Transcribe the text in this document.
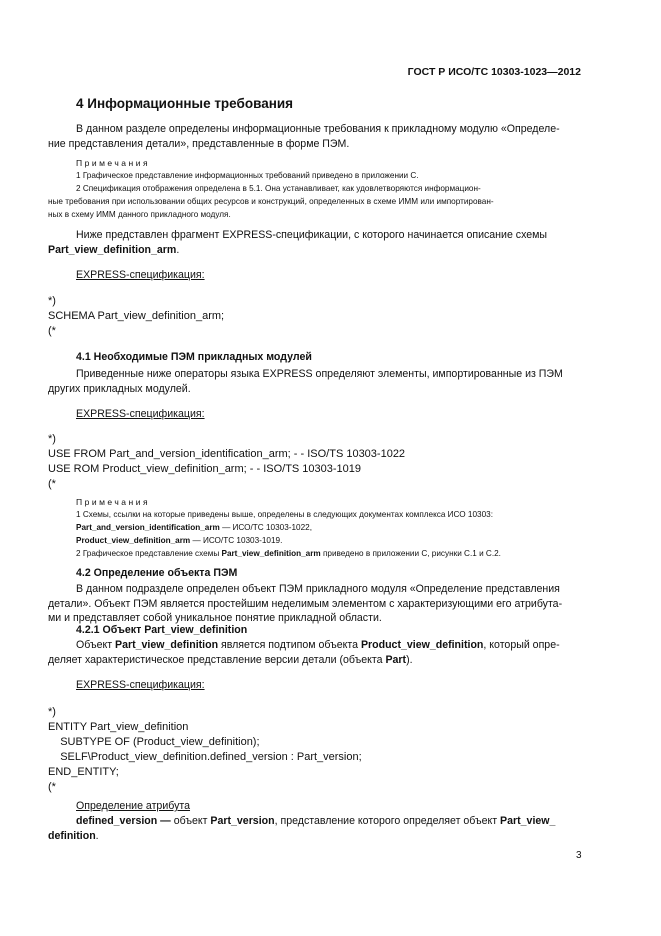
ГОСТ Р ИСО/ТС 10303-1023—2012
4 Информационные требования
В данном разделе определены информационные требования к прикладному модулю «Определе-
ние представления детали», представленные в форме ПЭМ.
Примечания
1 Графическое представление информационных требований приведено в приложении С.
2 Спецификация отображения определена в 5.1. Она устанавливает, как удовлетворяются информацион-
ные требования при использовании общих ресурсов и конструкций, определенных в схеме ИММ или импортирован-
ных в схему ИММ данного прикладного модуля.
Ниже представлен фрагмент EXPRESS-спецификации, с которого начинается описание схемы
Part_view_definition_arm.
EXPRESS-спецификация:
*)
SCHEMA Part_view_definition_arm;
(*
4.1 Необходимые ПЭМ прикладных модулей
Приведенные ниже операторы языка EXPRESS определяют элементы, импортированные из ПЭМ
других прикладных модулей.
EXPRESS-спецификация:
*)
USE FROM Part_and_version_identification_arm; - - ISO/TS 10303-1022
USE ROM Product_view_definition_arm; - - ISO/TS 10303-1019
(*
Примечания
1 Схемы, ссылки на которые приведены выше, определены в следующих документах комплекса ИСО 10303:
Part_and_version_identification_arm — ИСО/ТС 10303-1022,
Product_view_definition_arm — ИСО/ТС 10303-1019.
2 Графическое представление схемы Part_view_definition_arm приведено в приложении С, рисунки С.1 и С.2.
4.2 Определение объекта ПЭМ
В данном подразделе определен объект ПЭМ прикладного модуля «Определение представления
детали». Объект ПЭМ является простейшим неделимым элементом с характеризующими его атрибута-
ми и представляет собой уникальное понятие прикладной области.
4.2.1 Объект Part_view_definition
Объект Part_view_definition является подтипом объекта Product_view_definition, который опре-
деляет характеристическое представление версии детали (объекта Part).
EXPRESS-спецификация:
*)
ENTITY Part_view_definition
SUBTYPE OF (Product_view_definition);
SELF\Product_view_definition.defined_version : Part_version;
END_ENTITY;
(*
Определение атрибута
defined_version — объект Part_version, представление которого определяет объект Part_view_
definition.
3
